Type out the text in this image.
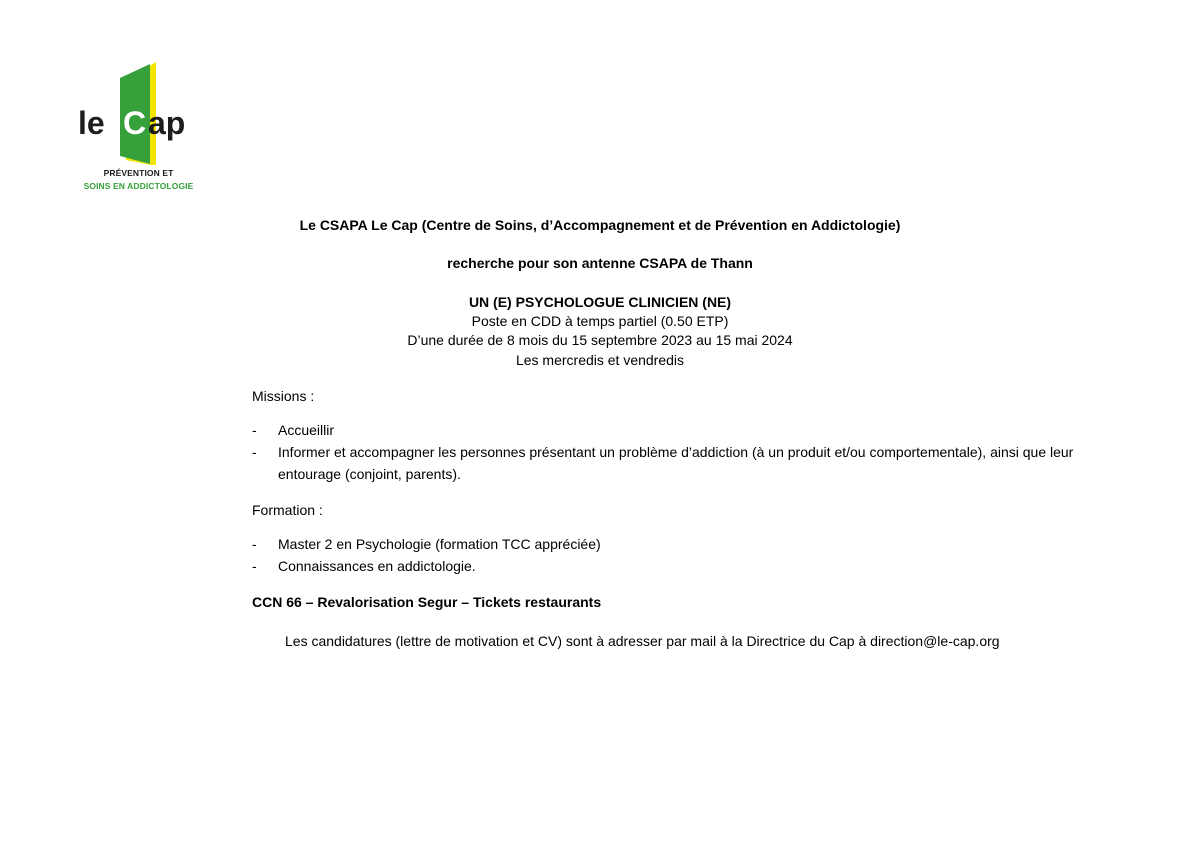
le C ap
PRÉVENTION ET
SOINS EN ADDICTOLOGIE
Le CSAPA Le Cap (Centre de Soins, d’Accompagnement et de Prévention en Addictologie)
recherche pour son antenne CSAPA de Thann
UN (E) PSYCHOLOGUE CLINICIEN (NE)
Poste en CDD à temps partiel (0.50 ETP)
D’une durée de 8 mois du 15 septembre 2023 au 15 mai 2024
Les mercredis et vendredis
Missions :
- Accueillir
- Informer et accompagner les personnes présentant un problème d’addiction (à un produit et/ou comportementale), ainsi que leur entourage (conjoint, parents).
Formation :
- Master 2 en Psychologie (formation TCC appréciée)
- Connaissances en addictologie.
CCN 66 – Revalorisation Segur – Tickets restaurants
Les candidatures (lettre de motivation et CV) sont à adresser par mail à la Directrice du Cap à direction@le-cap.org
